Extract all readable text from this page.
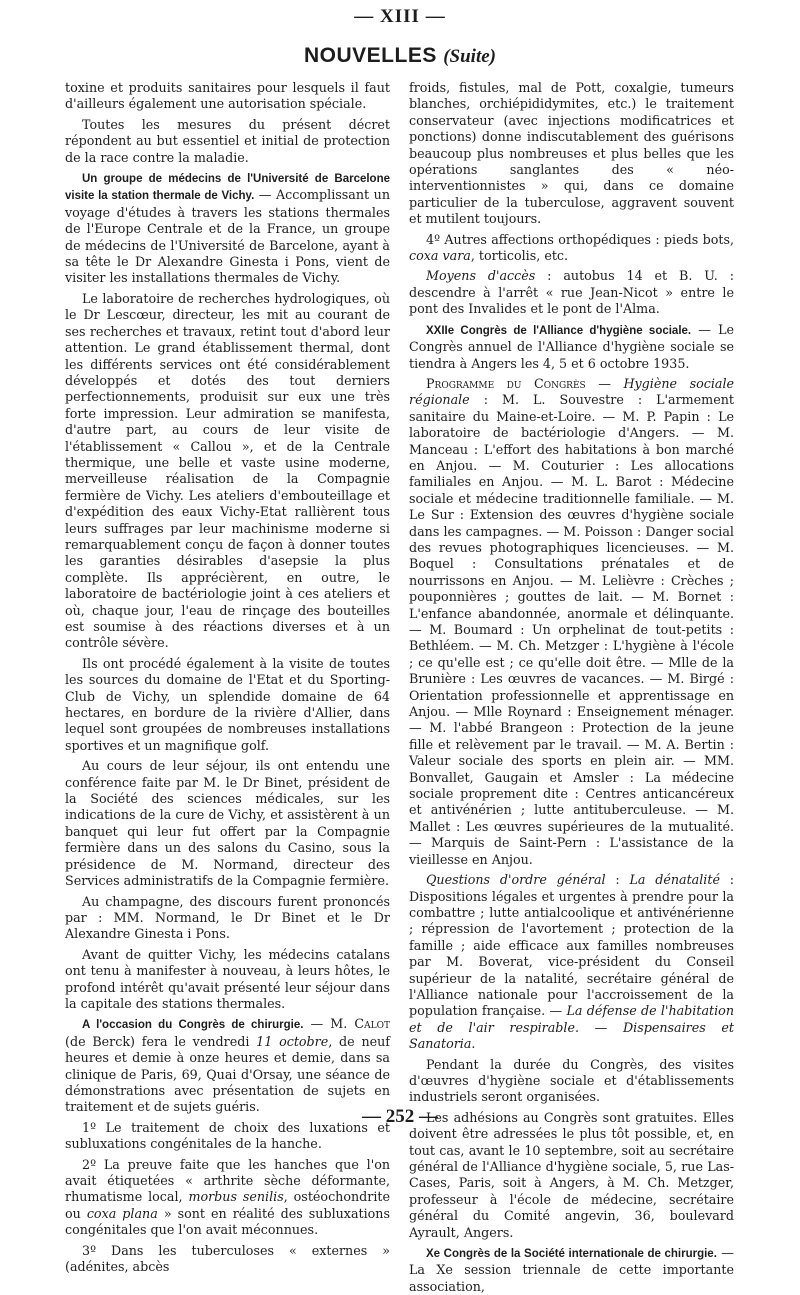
— XIII —
NOUVELLES (Suite)

toxine et produits sanitaires pour lesquels il faut d'ailleurs également une autorisation spéciale.

Toutes les mesures du présent décret répondent au but essentiel et initial de protection de la race contre la maladie.

Un groupe de médecins de l'Université de Barcelone visite la station thermale de Vichy. — Accomplissant un voyage d'études à travers les stations thermales de l'Europe Centrale et de la France, un groupe de médecins de l'Université de Barcelone, ayant à sa tête le Dr Alexandre Ginesta i Pons, vient de visiter les installations thermales de Vichy.

Le laboratoire de recherches hydrologiques, où le Dr Lescœur, directeur, les mit au courant de ses recherches et travaux, retint tout d'abord leur attention. Le grand établissement thermal, dont les différents services ont été considérablement développés et dotés des tout derniers perfectionnements, produisit sur eux une très forte impression. Leur admiration se manifesta, d'autre part, au cours de leur visite de l'établissement « Callou », et de la Centrale thermique, une belle et vaste usine moderne, merveilleuse réalisation de la Compagnie fermière de Vichy. Les ateliers d'embouteillage et d'expédition des eaux Vichy-Etat rallièrent tous leurs suffrages par leur machinisme moderne si remarquablement conçu de façon à donner toutes les garanties désirables d'asepsie la plus complète. Ils apprécièrent, en outre, le laboratoire de bactériologie joint à ces ateliers et où, chaque jour, l'eau de rinçage des bouteilles est soumise à des réactions diverses et à un contrôle sévère.

Ils ont procédé également à la visite de toutes les sources du domaine de l'Etat et du Sporting-Club de Vichy, un splendide domaine de 64 hectares, en bordure de la rivière d'Allier, dans lequel sont groupées de nombreuses installations sportives et un magnifique golf.

Au cours de leur séjour, ils ont entendu une conférence faite par M. le Dr Binet, président de la Société des sciences médicales, sur les indications de la cure de Vichy, et assistèrent à un banquet qui leur fut offert par la Compagnie fermière dans un des salons du Casino, sous la présidence de M. Normand, directeur des Services administratifs de la Compagnie fermière.

Au champagne, des discours furent prononcés par : MM. Normand, le Dr Binet et le Dr Alexandre Ginesta i Pons.

Avant de quitter Vichy, les médecins catalans ont tenu à manifester à nouveau, à leurs hôtes, le profond intérêt qu'avait présenté leur séjour dans la capitale des stations thermales.

A l'occasion du Congrès de chirurgie. — M. Calot (de Berck) fera le vendredi 11 octobre, de neuf heures et demie à onze heures et demie, dans sa clinique de Paris, 69, Quai d'Orsay, une séance de démonstrations avec présentation de sujets en traitement et de sujets guéris.

1º Le traitement de choix des luxations et subluxations congénitales de la hanche.

2º La preuve faite que les hanches que l'on avait étiquetées « arthrite sèche déformante, rhumatisme local, morbus senilis, ostéochondrite ou coxa plana » sont en réalité des subluxations congénitales que l'on avait méconnues.

3º Dans les tuberculoses « externes » (adénites, abcès

froids, fistules, mal de Pott, coxalgie, tumeurs blanches, orchiépididymites, etc.) le traitement conservateur (avec injections modificatrices et ponctions) donne indiscutablement des guérisons beaucoup plus nombreuses et plus belles que les opérations sanglantes des « néo-interventionnistes » qui, dans ce domaine particulier de la tuberculose, aggravent souvent et mutilent toujours.

4º Autres affections orthopédiques : pieds bots, coxa vara, torticolis, etc.

Moyens d'accès : autobus 14 et B. U. : descendre à l'arrêt « rue Jean-Nicot » entre le pont des Invalides et le pont de l'Alma.

XXIIe Congrès de l'Alliance d'hygiène sociale. — Le Congrès annuel de l'Alliance d'hygiène sociale se tiendra à Angers les 4, 5 et 6 octobre 1935.

Programme du Congrès — Hygiène sociale régionale : M. L. Souvestre : L'armement sanitaire du Maine-et-Loire. — M. P. Papin : Le laboratoire de bactériologie d'Angers. — M. Manceau : L'effort des habitations à bon marché en Anjou. — M. Couturier : Les allocations familiales en Anjou. — M. L. Barot : Médecine sociale et médecine traditionnelle familiale. — M. Le Sur : Extension des œuvres d'hygiène sociale dans les campagnes. — M. Poisson : Danger social des revues photographiques licencieuses. — M. Boquel : Consultations prénatales et de nourrissons en Anjou. — M. Lelièvre : Crèches ; pouponnières ; gouttes de lait. — M. Bornet : L'enfance abandonnée, anormale et délinquante. — M. Boumard : Un orphelinat de tout-petits : Bethléem. — M. Ch. Metzger : L'hygiène à l'école ; ce qu'elle est ; ce qu'elle doit être. — Mlle de la Brunière : Les œuvres de vacances. — M. Birgé : Orientation professionnelle et apprentissage en Anjou. — Mlle Roynard : Enseignement ménager. — M. l'abbé Brangeon : Protection de la jeune fille et relèvement par le travail. — M. A. Bertin : Valeur sociale des sports en plein air. — MM. Bonvallet, Gaugain et Amsler : La médecine sociale proprement dite : Centres anticancéreux et antivénérien ; lutte antituberculeuse. — M. Mallet : Les œuvres supérieures de la mutualité. — Marquis de Saint-Pern : L'assistance de la vieillesse en Anjou.

Questions d'ordre général : La dénatalité : Dispositions légales et urgentes à prendre pour la combattre ; lutte antialcoolique et antivénérienne ; répression de l'avortement ; protection de la famille ; aide efficace aux familles nombreuses par M. Boverat, vice-président du Conseil supérieur de la natalité, secrétaire général de l'Alliance nationale pour l'accroissement de la population française. — La défense de l'habitation et de l'air respirable. — Dispensaires et Sanatoria.

Pendant la durée du Congrès, des visites d'œuvres d'hygiène sociale et d'établissements industriels seront organisées.

Les adhésions au Congrès sont gratuites. Elles doivent être adressées le plus tôt possible, et, en tout cas, avant le 10 septembre, soit au secrétaire général de l'Alliance d'hygiène sociale, 5, rue Las-Cases, Paris, soit à Angers, à M. Ch. Metzger, professeur à l'école de médecine, secrétaire général du Comité angevin, 36, boulevard Ayrault, Angers.

Xe Congrès de la Société internationale de chirurgie. — La Xe session triennale de cette importante association,

— 252 —
